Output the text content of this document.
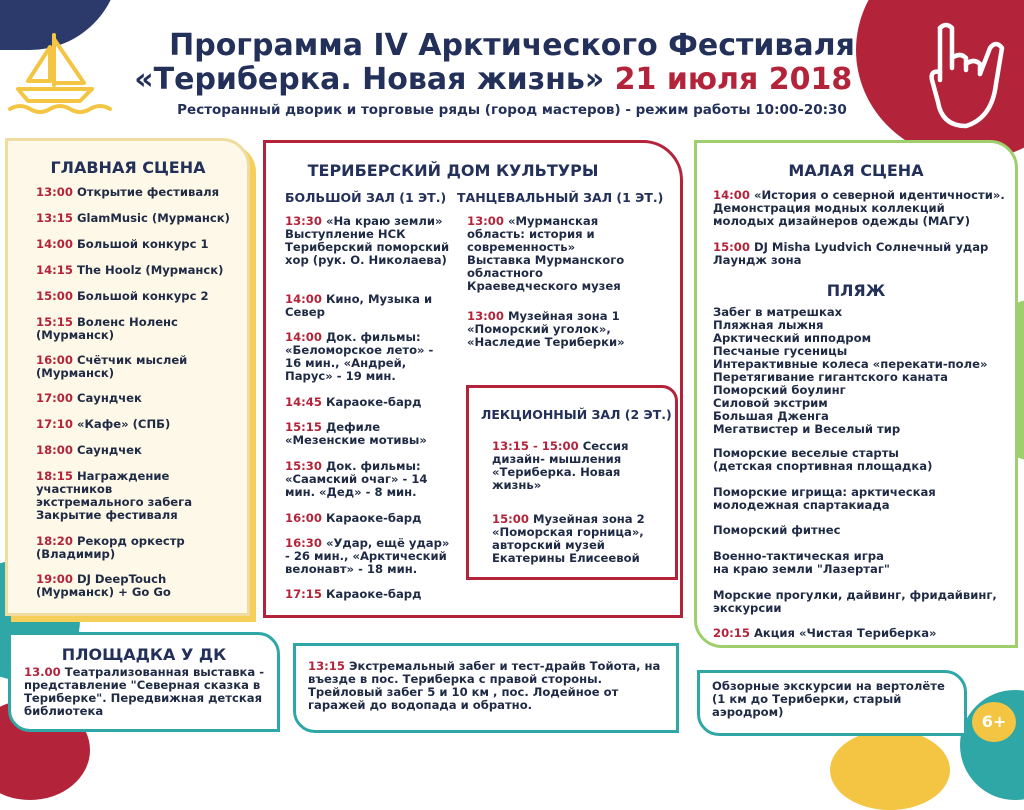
Программа IV Арктического Фестиваля
«Териберка. Новая жизнь» 21 июля 2018 г.
Ресторанный дворик и торговые ряды (город мастеров) - режим работы 10:00-20:30
ГЛАВНАЯ СЦЕНА
13:00 Открытие фестиваля
13:15 GlamMusic (Мурманск)
14:00 Большой конкурс 1
14:15 The Hoolz (Мурманск)
15:00 Большой конкурс 2
15:15 Воленс Ноленс (Мурманск)
16:00 Счётчик мыслей (Мурманск)
17:00 Саундчек
17:10 «Кафе» (СПБ)
18:00 Саундчек
18:15 Награждение участников экстремального забега Закрытие фестиваля
18:20 Рекорд оркестр (Владимир)
19:00 DJ DeepTouch (Мурманск) + Go Go
ТЕРИБЕРСКИЙ ДОМ КУЛЬТУРЫ
БОЛЬШОЙ ЗАЛ (1 ЭТ.) ТАНЦЕВАЛЬНЫЙ ЗАЛ (1 ЭТ.)
13:30 «На краю земли» Выступление НСК Териберский поморский хор (рук. О. Николаева)
14:00 Кино, Музыка и Север
14:00 Док. фильмы: «Беломорское лето» - 16 мин., «Андрей, Парус» - 19 мин.
14:45 Караоке-бард
15:15 Дефиле «Мезенские мотивы»
15:30 Док. фильмы: «Саамский очаг» - 14 мин. «Дед» - 8 мин.
16:00 Караоке-бард
16:30 «Удар, ещё удар» - 26 мин., «Арктический велонавт» - 18 мин.
17:15 Караоке-бард
13:00 «Мурманская область: история и современность» Выставка Мурманского областного Краеведческого музея
13:00 Музейная зона 1 «Поморский уголок», «Наследие Териберки»
ЛЕКЦИОННЫЙ ЗАЛ (2 ЭТ.)
13:15 - 15:00 Сессия дизайн- мышления «Териберка. Новая жизнь»
15:00 Музейная зона 2 «Поморская горница», авторский музей Екатерины Елисеевой
МАЛАЯ СЦЕНА
14:00 «История о северной идентичности». Демонстрация модных коллекций молодых дизайнеров одежды (МАГУ)
15:00 DJ Misha Lyudvich Солнечный удар Лаундж зона
ПЛЯЖ
Забег в матрешках
Пляжная лыжня
Арктический ипподром
Песчаные гусеницы
Интерактивные колеса «перекати-поле»
Перетягивание гигантского каната
Поморский боулинг
Силовой экстрим
Большая Дженга
Мегатвистер и Веселый тир
Поморские веселые старты
(детская спортивная площадка)
Поморские игрища: арктическая
молодежная спартакиада
Поморский фитнес
Военно-тактическая игра
на краю земли "Лазертаг"
Морские прогулки, дайвинг, фридайвинг,
экскурсии
20:15 Акция «Чистая Териберка»
ПЛОЩАДКА У ДК
13.00 Театрализованная выставка - представление "Северная сказка в Териберке". Передвижная детская библиотека
13:15 Экстремальный забег и тест-драйв Тойота, на въезде в пос. Териберка с правой стороны. Трейловый забег 5 и 10 км , пос. Лодейное от гаражей до водопада и обратно.
Обзорные экскурсии на вертолёте (1 км до Териберки, старый аэродром)	6+
